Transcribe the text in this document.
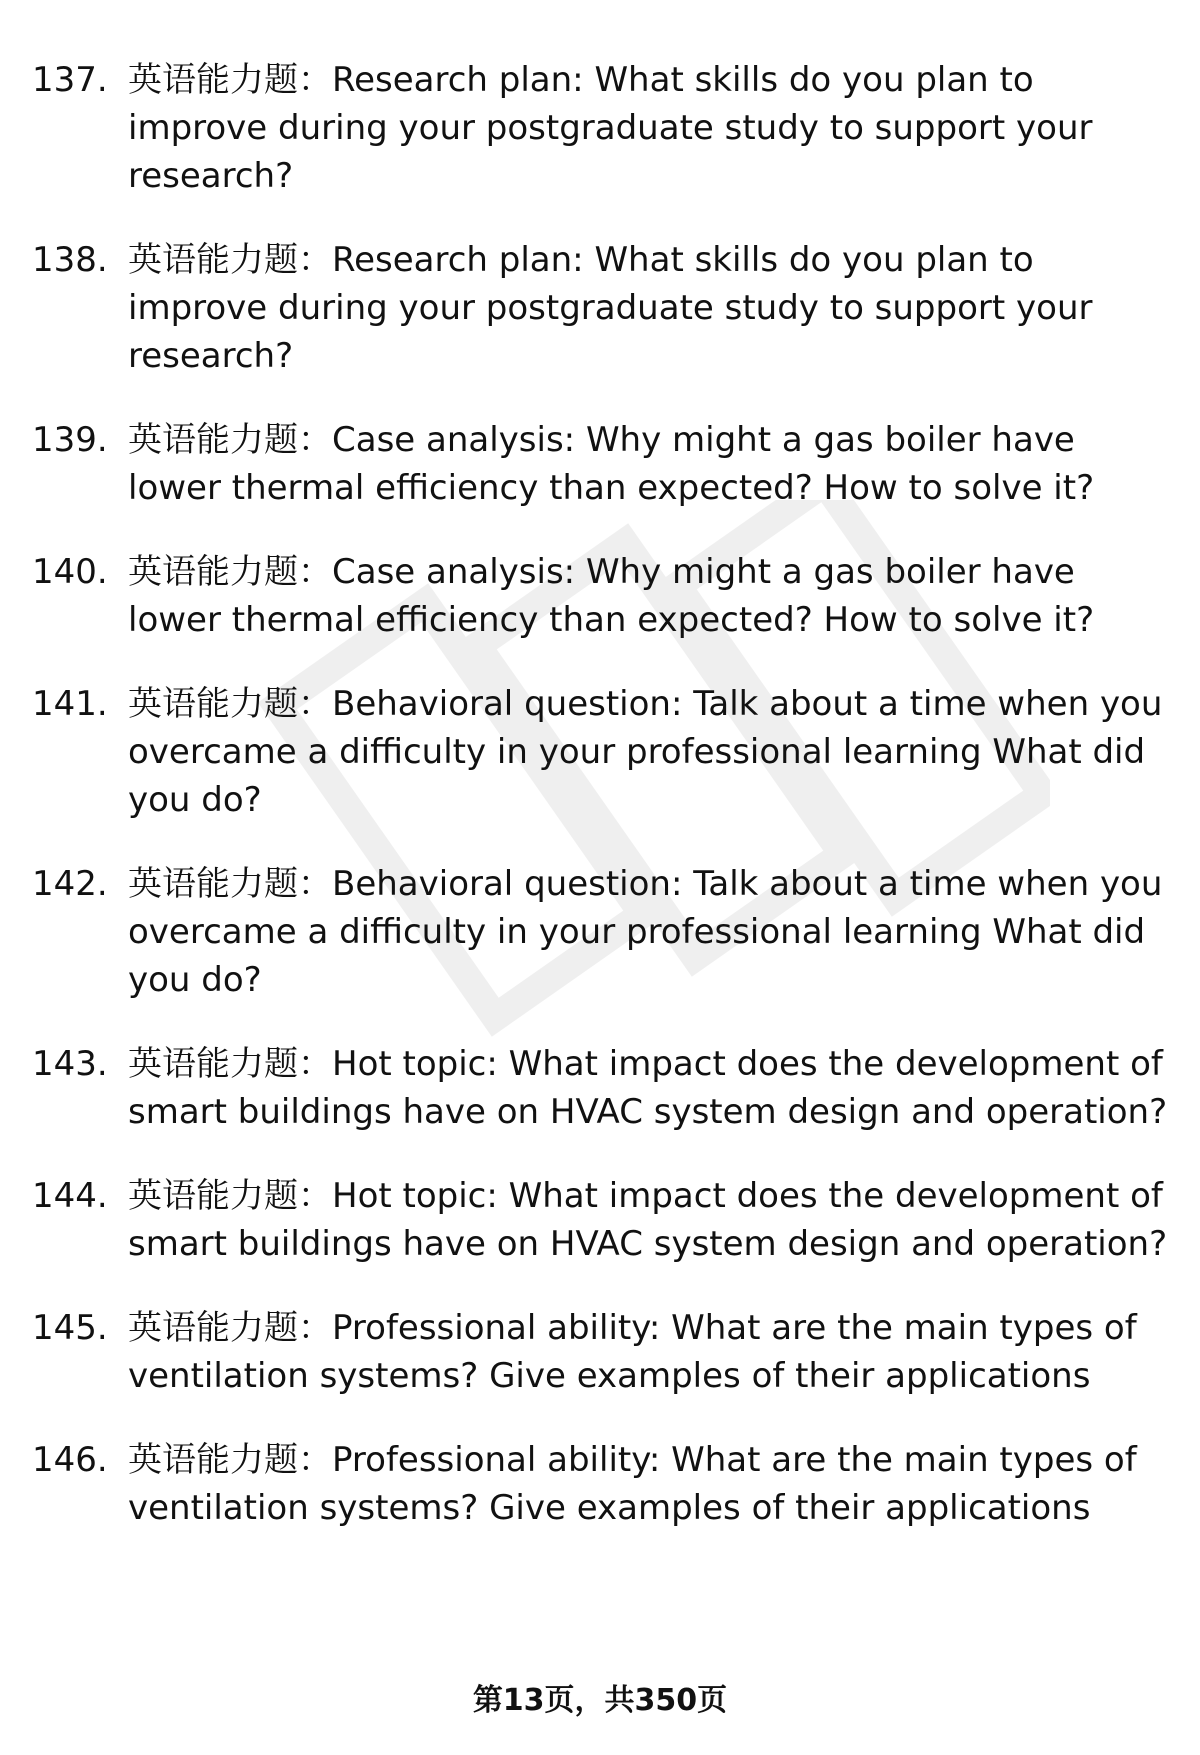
137. 英语能力题：Research plan: What skills do you plan to improve during your postgraduate study to support your research?
138. 英语能力题：Research plan: What skills do you plan to improve during your postgraduate study to support your research?
139. 英语能力题：Case analysis: Why might a gas boiler have lower thermal efficiency than expected? How to solve it?
140. 英语能力题：Case analysis: Why might a gas boiler have lower thermal efficiency than expected? How to solve it?
141. 英语能力题：Behavioral question: Talk about a time when you overcame a difficulty in your professional learning What did you do?
142. 英语能力题：Behavioral question: Talk about a time when you overcame a difficulty in your professional learning What did you do?
143. 英语能力题：Hot topic: What impact does the development of smart buildings have on HVAC system design and operation?
144. 英语能力题：Hot topic: What impact does the development of smart buildings have on HVAC system design and operation?
145. 英语能力题：Professional ability: What are the main types of ventilation systems? Give examples of their applications
146. 英语能力题：Professional ability: What are the main types of ventilation systems? Give examples of their applications
第13页，共350页
